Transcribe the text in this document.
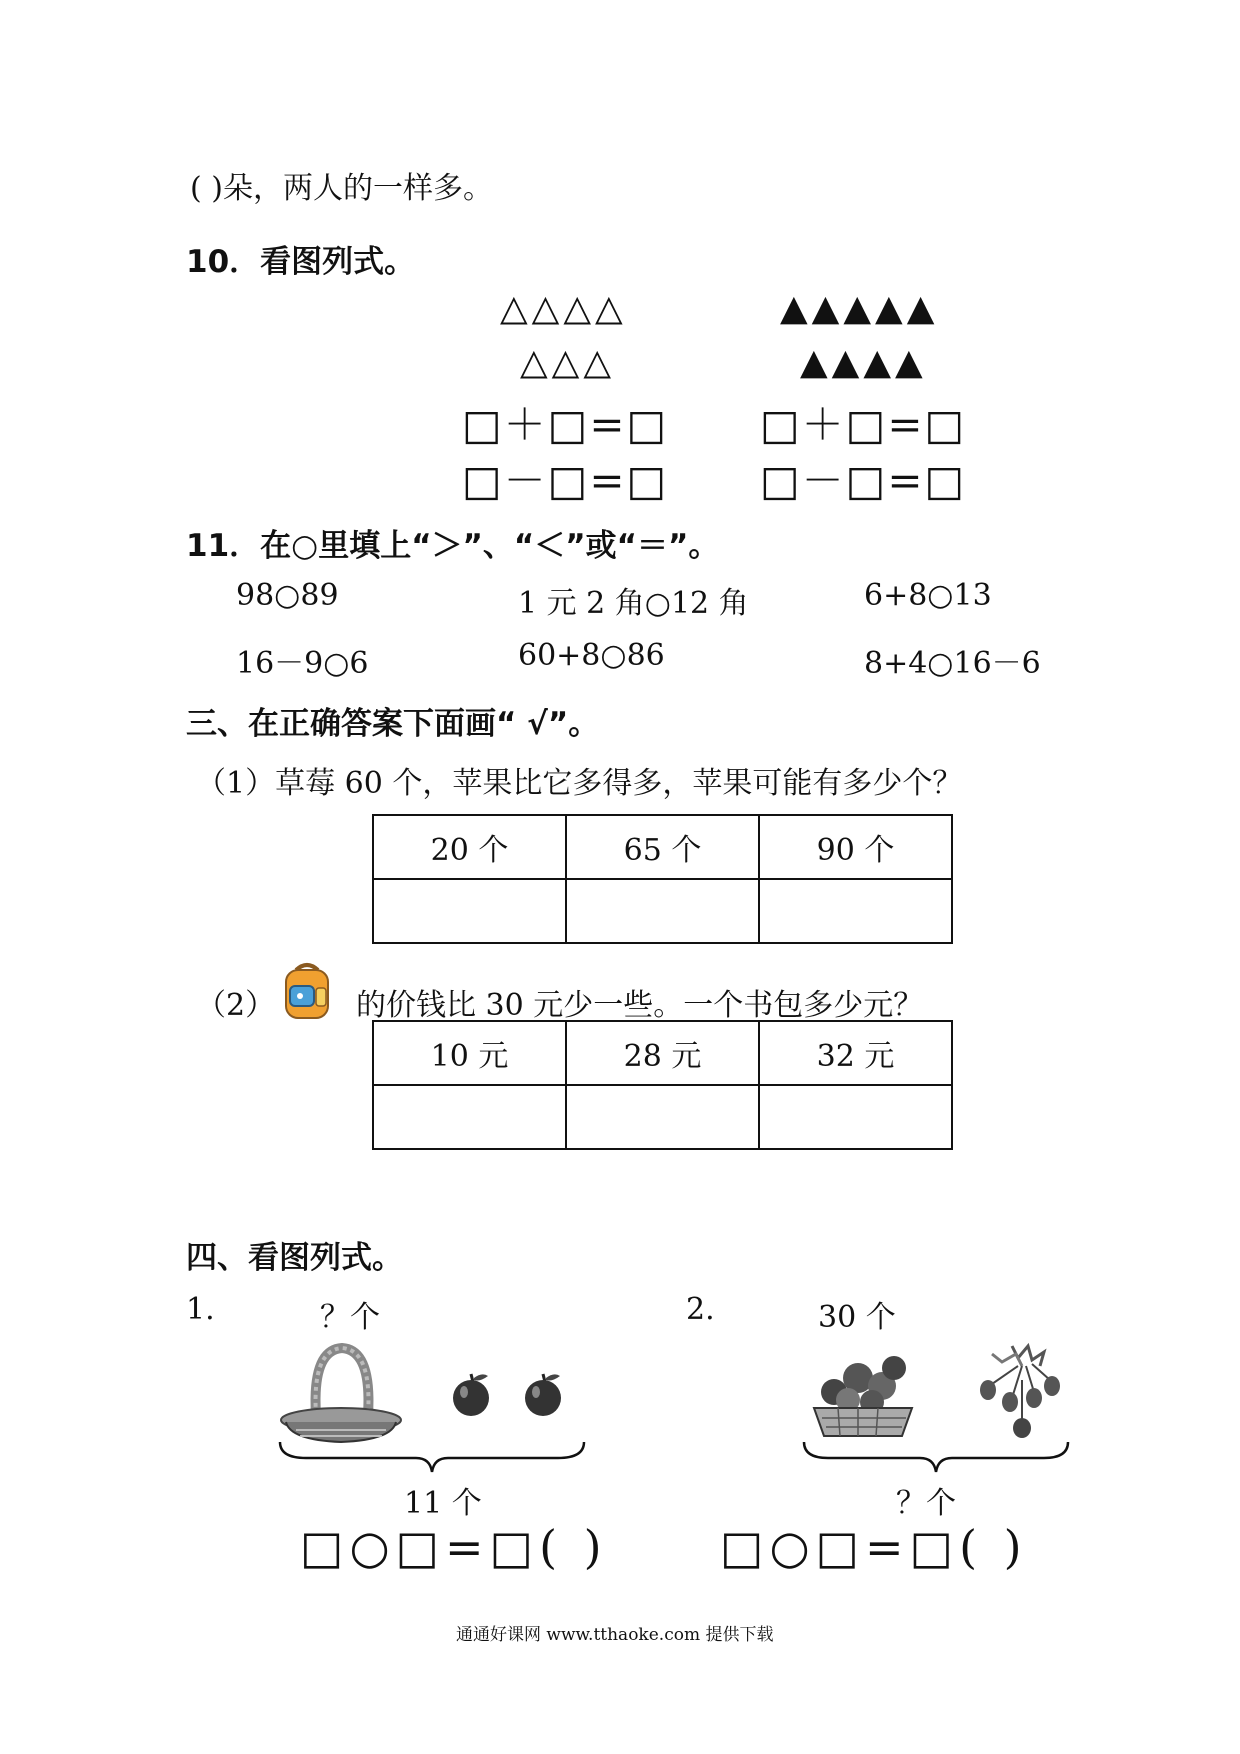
( )朵，两人的一样多。
10．看图列式。
△△△△
△△△
▲▲▲▲▲
▲▲▲▲
□＋□=□
□－□=□
□＋□=□
□－□=□
11．在○里填上“＞”、“＜”或“＝”。
98○89	1 元 2 角○12 角	6+8○13
16－9○6	60+8○86	8+4○16－6
三、在正确答案下面画“ √”。
（1）草莓 60 个，苹果比它多得多，苹果可能有多少个？
20 个	65 个	90 个

（2）	的价钱比 30 元少一些。一个书包多少元？
10 元	28 元	32 元

四、看图列式。
1.	？个
11 个
□○□=□( )
2.	30 个
？个
□○□=□( )
通通好课网 www.tthaoke.com 提供下载
